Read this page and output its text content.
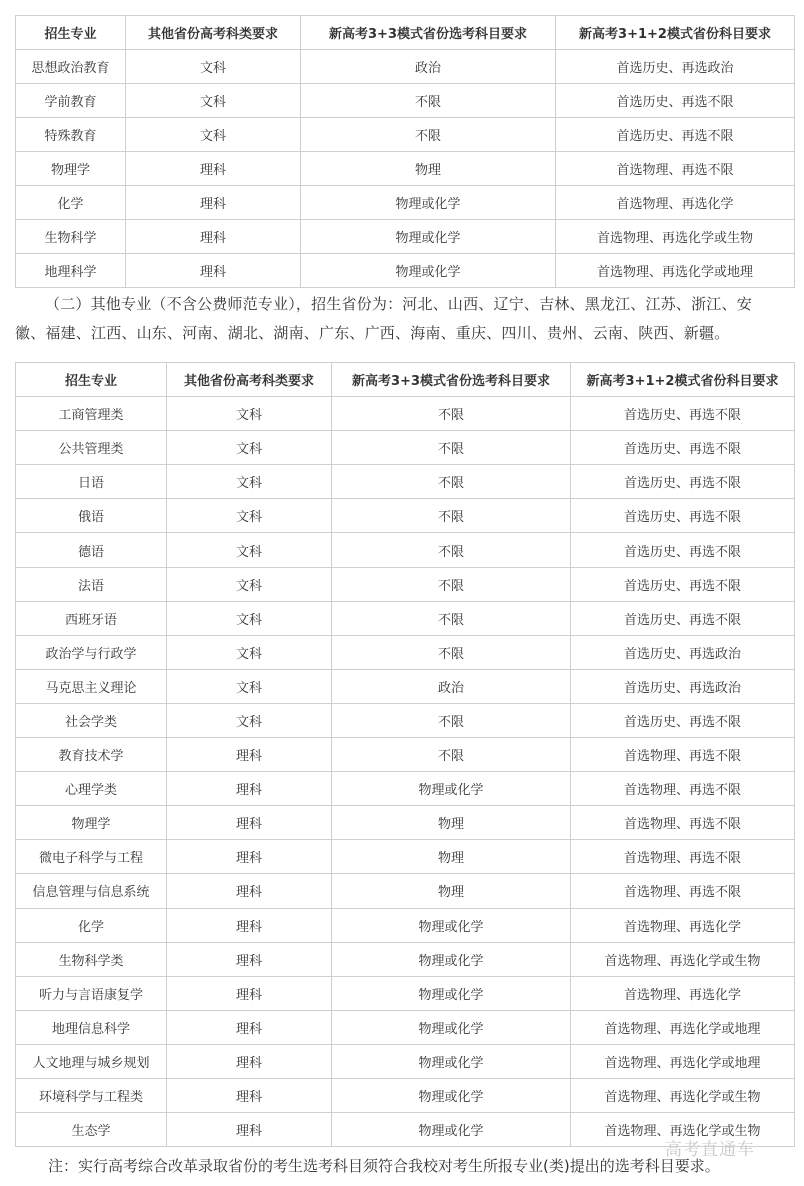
招生专业	其他省份高考科类要求	新高考3+3模式省份选考科目要求	新高考3+1+2模式省份科目要求
思想政治教育	文科	政治	首选历史、再选政治
学前教育	文科	不限	首选历史、再选不限
特殊教育	文科	不限	首选历史、再选不限
物理学	理科	物理	首选物理、再选不限
化学	理科	物理或化学	首选物理、再选化学
生物科学	理科	物理或化学	首选物理、再选化学或生物
地理科学	理科	物理或化学	首选物理、再选化学或地理
（二）其他专业（不含公费师范专业），招生省份为：河北、山西、辽宁、吉林、黑龙江、江苏、浙江、安
徽、福建、江西、山东、河南、湖北、湖南、广东、广西、海南、重庆、四川、贵州、云南、陕西、新疆。
招生专业	其他省份高考科类要求	新高考3+3模式省份选考科目要求	新高考3+1+2模式省份科目要求
工商管理类	文科	不限	首选历史、再选不限
公共管理类	文科	不限	首选历史、再选不限
日语	文科	不限	首选历史、再选不限
俄语	文科	不限	首选历史、再选不限
德语	文科	不限	首选历史、再选不限
法语	文科	不限	首选历史、再选不限
西班牙语	文科	不限	首选历史、再选不限
政治学与行政学	文科	不限	首选历史、再选政治
马克思主义理论	文科	政治	首选历史、再选政治
社会学类	文科	不限	首选历史、再选不限
教育技术学	理科	不限	首选物理、再选不限
心理学类	理科	物理或化学	首选物理、再选不限
物理学	理科	物理	首选物理、再选不限
微电子科学与工程	理科	物理	首选物理、再选不限
信息管理与信息系统	理科	物理	首选物理、再选不限
化学	理科	物理或化学	首选物理、再选化学
生物科学类	理科	物理或化学	首选物理、再选化学或生物
听力与言语康复学	理科	物理或化学	首选物理、再选化学
地理信息科学	理科	物理或化学	首选物理、再选化学或地理
人文地理与城乡规划	理科	物理或化学	首选物理、再选化学或地理
环境科学与工程类	理科	物理或化学	首选物理、再选化学或生物
生态学	理科	物理或化学	首选物理、再选化学或生物
高考直通车
注：实行高考综合改革录取省份的考生选考科目须符合我校对考生所报专业(类)提出的选考科目要求。
